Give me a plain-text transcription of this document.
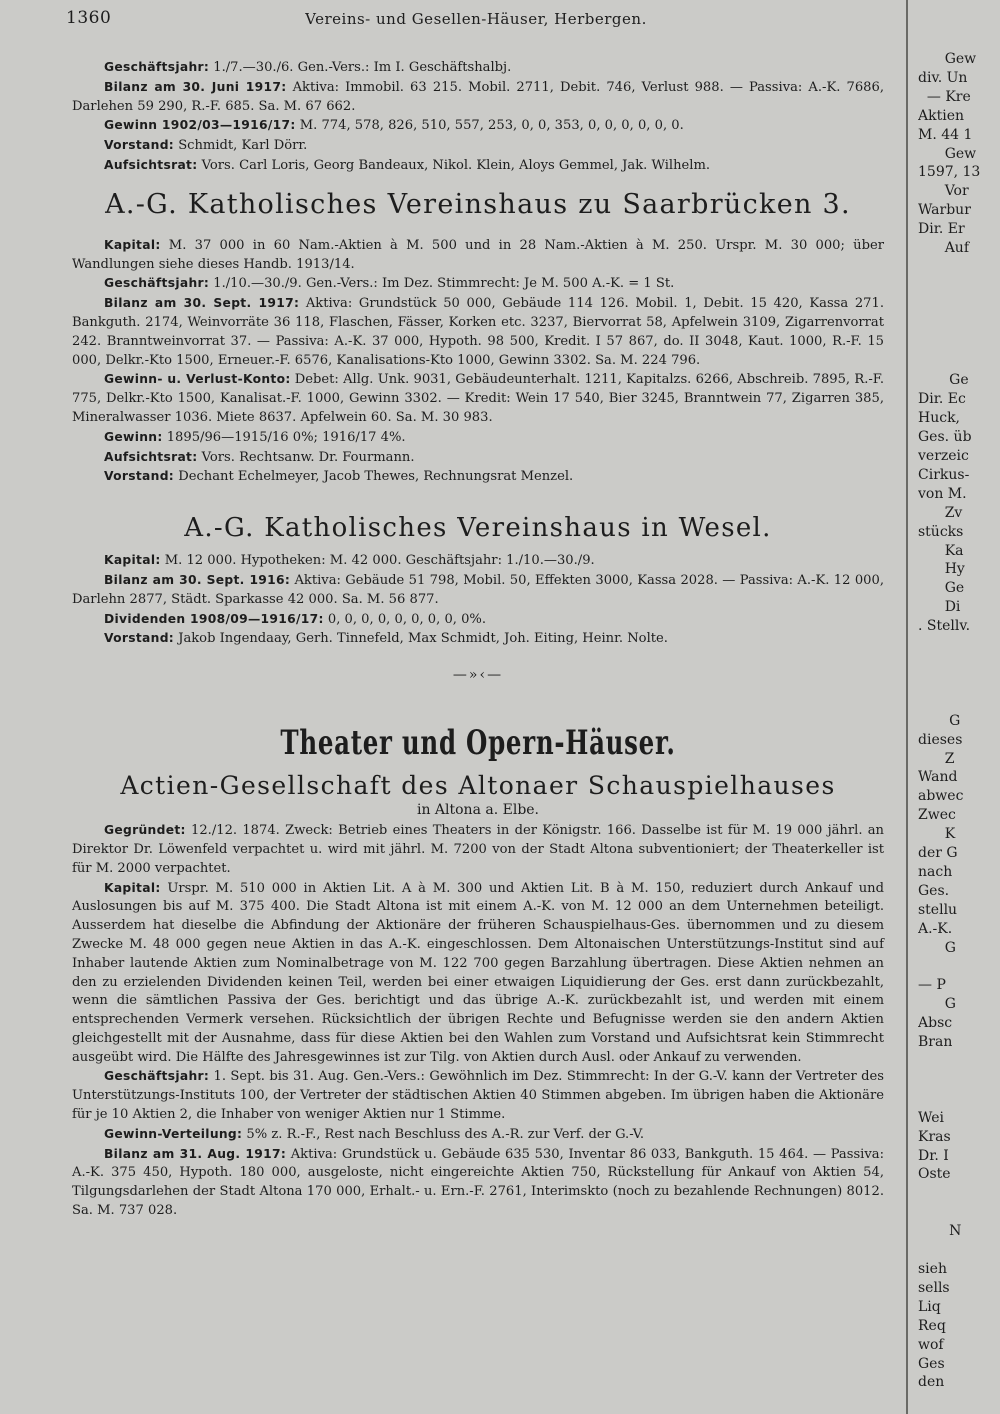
1360	Vereins- und Gesellen-Häuser, Herbergen.

Geschäftsjahr: 1./7.—30./6. Gen.-Vers.: Im I. Geschäftshalbj.

Bilanz am 30. Juni 1917: Aktiva: Immobil. 63 215. Mobil. 2711, Debit. 746, Verlust 988. — Passiva: A.-K. 7686, Darlehen 59 290, R.-F. 685. Sa. M. 67 662.

Gewinn 1902/03—1916/17: M. 774, 578, 826, 510, 557, 253, 0, 0, 353, 0, 0, 0, 0, 0, 0.

Vorstand: Schmidt, Karl Dörr.

Aufsichtsrat: Vors. Carl Loris, Georg Bandeaux, Nikol. Klein, Aloys Gemmel, Jak. Wilhelm.

A.-G. Katholisches Vereinshaus zu Saarbrücken 3.

Kapital: M. 37 000 in 60 Nam.-Aktien à M. 500 und in 28 Nam.-Aktien à M. 250. Urspr. M. 30 000; über Wandlungen siehe dieses Handb. 1913/14.

Geschäftsjahr: 1./10.—30./9. Gen.-Vers.: Im Dez. Stimmrecht: Je M. 500 A.-K. = 1 St.

Bilanz am 30. Sept. 1917: Aktiva: Grundstück 50 000, Gebäude 114 126. Mobil. 1, Debit. 15 420, Kassa 271. Bankguth. 2174, Weinvorräte 36 118, Flaschen, Fässer, Korken etc. 3237, Biervorrat 58, Apfelwein 3109, Zigarrenvorrat 242. Branntweinvorrat 37. — Passiva: A.-K. 37 000, Hypoth. 98 500, Kredit. I 57 867, do. II 3048, Kaut. 1000, R.-F. 15 000, Delkr.-Kto 1500, Erneuer.-F. 6576, Kanalisations-Kto 1000, Gewinn 3302. Sa. M. 224 796.

Gewinn- u. Verlust-Konto: Debet: Allg. Unk. 9031, Gebäudeunterhalt. 1211, Kapitalzs. 6266, Abschreib. 7895, R.-F. 775, Delkr.-Kto 1500, Kanalisat.-F. 1000, Gewinn 3302. — Kredit: Wein 17 540, Bier 3245, Branntwein 77, Zigarren 385, Mineralwasser 1036. Miete 8637. Apfelwein 60. Sa. M. 30 983.

Gewinn: 1895/96—1915/16 0%; 1916/17 4%.

Aufsichtsrat: Vors. Rechtsanw. Dr. Fourmann.

Vorstand: Dechant Echelmeyer, Jacob Thewes, Rechnungsrat Menzel.

A.-G. Katholisches Vereinshaus in Wesel.

Kapital: M. 12 000. Hypotheken: M. 42 000. Geschäftsjahr: 1./10.—30./9.

Bilanz am 30. Sept. 1916: Aktiva: Gebäude 51 798, Mobil. 50, Effekten 3000, Kassa 2028. — Passiva: A.-K. 12 000, Darlehn 2877, Städt. Sparkasse 42 000. Sa. M. 56 877.

Dividenden 1908/09—1916/17: 0, 0, 0, 0, 0, 0, 0, 0, 0%.

Vorstand: Jakob Ingendaay, Gerh. Tinnefeld, Max Schmidt, Joh. Eiting, Heinr. Nolte.

—»‹—
Theater und Opern-Häuser.
Actien-Gesellschaft des Altonaer Schauspielhauses
in Altona a. Elbe.

Gegründet: 12./12. 1874. Zweck: Betrieb eines Theaters in der Königstr. 166. Dasselbe ist für M. 19 000 jährl. an Direktor Dr. Löwenfeld verpachtet u. wird mit jährl. M. 7200 von der Stadt Altona subventioniert; der Theaterkeller ist für M. 2000 verpachtet.

Kapital: Urspr. M. 510 000 in Aktien Lit. A à M. 300 und Aktien Lit. B à M. 150, reduziert durch Ankauf und Auslosungen bis auf M. 375 400. Die Stadt Altona ist mit einem A.-K. von M. 12 000 an dem Unternehmen beteiligt. Ausserdem hat dieselbe die Abfindung der Aktionäre der früheren Schauspielhaus-Ges. übernommen und zu diesem Zwecke M. 48 000 gegen neue Aktien in das A.-K. eingeschlossen. Dem Altonaischen Unterstützungs-Institut sind auf Inhaber lautende Aktien zum Nominalbetrage von M. 122 700 gegen Barzahlung übertragen. Diese Aktien nehmen an den zu erzielenden Dividenden keinen Teil, werden bei einer etwaigen Liquidierung der Ges. erst dann zurückbezahlt, wenn die sämtlichen Passiva der Ges. berichtigt und das übrige A.-K. zurückbezahlt ist, und werden mit einem entsprechenden Vermerk versehen. Rücksichtlich der übrigen Rechte und Befugnisse werden sie den andern Aktien gleichgestellt mit der Ausnahme, dass für diese Aktien bei den Wahlen zum Vorstand und Aufsichtsrat kein Stimmrecht ausgeübt wird. Die Hälfte des Jahresgewinnes ist zur Tilg. von Aktien durch Ausl. oder Ankauf zu verwenden.

Geschäftsjahr: 1. Sept. bis 31. Aug. Gen.-Vers.: Gewöhnlich im Dez. Stimmrecht: In der G.-V. kann der Vertreter des Unterstützungs-Instituts 100, der Vertreter der städtischen Aktien 40 Stimmen abgeben. Im übrigen haben die Aktionäre für je 10 Aktien 2, die Inhaber von weniger Aktien nur 1 Stimme.

Gewinn-Verteilung: 5% z. R.-F., Rest nach Beschluss des A.-R. zur Verf. der G.-V.

Bilanz am 31. Aug. 1917: Aktiva: Grundstück u. Gebäude 635 530, Inventar 86 033, Bankguth. 15 464. — Passiva: A.-K. 375 450, Hypoth. 180 000, ausgeloste, nicht eingereichte Aktien 750, Rückstellung für Ankauf von Aktien 54, Tilgungsdarlehen der Stadt Altona 170 000, Erhalt.- u. Ern.-F. 2761, Interimskto (noch zu bezahlende Rechnungen) 8012. Sa. M. 737 028.

Gew
div. Un
— Kre
Aktien
M. 44 1
Gew
1597, 13
Vor
Warbur
Dir. Er
Auf

Ge
Dir. Ec
Huck,
Ges. üb
verzeic
Cirkus-
von M.
Zv
stücks
Ka
Hy
Ge
Di
. Stellv.

G
dieses
Z
Wand
abwec
Zwec
K
der G
nach
Ges.
stellu
A.-K.
G

— P
G
Absc
Bran

Wei
Kras
Dr. I
Oste

N

sieh
sells
Liq
Req
wof
Ges
den
